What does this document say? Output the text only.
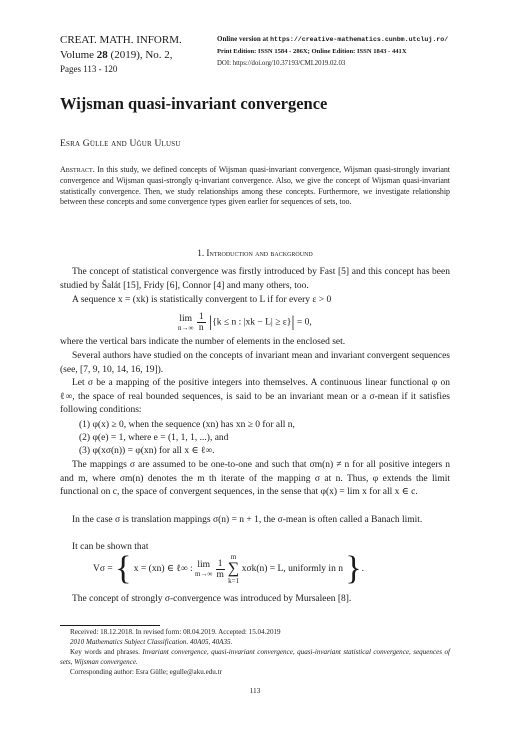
CREAT. MATH. INFORM.
Volume 28 (2019), No. 2,
Pages 113 - 120
Online version at https://creative-mathematics.cunbm.utcluj.ro/
Print Edition: ISSN 1584 - 286X; Online Edition: ISSN 1843 - 441X
DOI: https://doi.org/10.37193/CMI.2019.02.03
Wijsman quasi-invariant convergence
Esra Gülle and Uğur Ulusu
Abstract. In this study, we defined concepts of Wijsman quasi-invariant convergence, Wijsman quasi-strongly invariant convergence and Wijsman quasi-strongly q-invariant convergence. Also, we give the concept of Wijsman quasi-invariant statistically convergence. Then, we study relationships among these concepts. Furthermore, we investigate relationship between these concepts and some convergence types given earlier for sequences of sets, too.
1. Introduction and background
The concept of statistical convergence was firstly introduced by Fast [5] and this concept has been studied by Šalát [15], Fridy [6], Connor [4] and many others, too.
A sequence x = (xk) is statistically convergent to L if for every ε > 0
lim
n→∞
$\frac{1}{n} |\{k \le n$ : |xk − L| ≥ ε}| = 0,
where the vertical bars indicate the number of elements in the enclosed set.
Several authors have studied on the concepts of invariant mean and invariant convergent sequences (see, [7, 9, 10, 14, 16, 19]).
Let σ be a mapping of the positive integers into themselves. A continuous linear functional φ on ℓ∞, the space of real bounded sequences, is said to be an invariant mean or a σ-mean if it satisfies following conditions:
(1) φ(x) ≥ 0, when the sequence (xn) has xn ≥ 0 for all n,
(2) φ(e) = 1, where e = (1, 1, 1, ...), and
(3) φ(xσ(n)) = φ(xn) for all x ∈ ℓ∞.
The mappings σ are assumed to be one-to-one and such that σm(n) ≠ n for all positive integers n and m, where σm(n) denotes the m th iterate of the mapping σ at n. Thus, φ extends the limit functional on c, the space of convergent sequences, in the sense that φ(x) = lim x for all x ∈ c.
In the case σ is translation mappings σ(n) = n + 1, the σ-mean is often called a Banach limit.
It can be shown that
Vσ = { x = (xn) ∈ ℓ∞ : lim
m→∞
$\frac{1}{m}$

m
∑
k=1
xσk(n) = L, uniformly in n }.
The concept of strongly σ-convergence was introduced by Mursaleen [8].
Received: 18.12.2018. In revised form: 08.04.2019. Accepted: 15.04.2019
2010 Mathematics Subject Classification. 40A05, 40A35.
Key words and phrases. Invariant convergence, quasi-invariant convergence, quasi-invariant statistical convergence, sequences of sets, Wijsman convergence.
Corresponding author: Esra Gülle; egulle@aku.edu.tr
113
